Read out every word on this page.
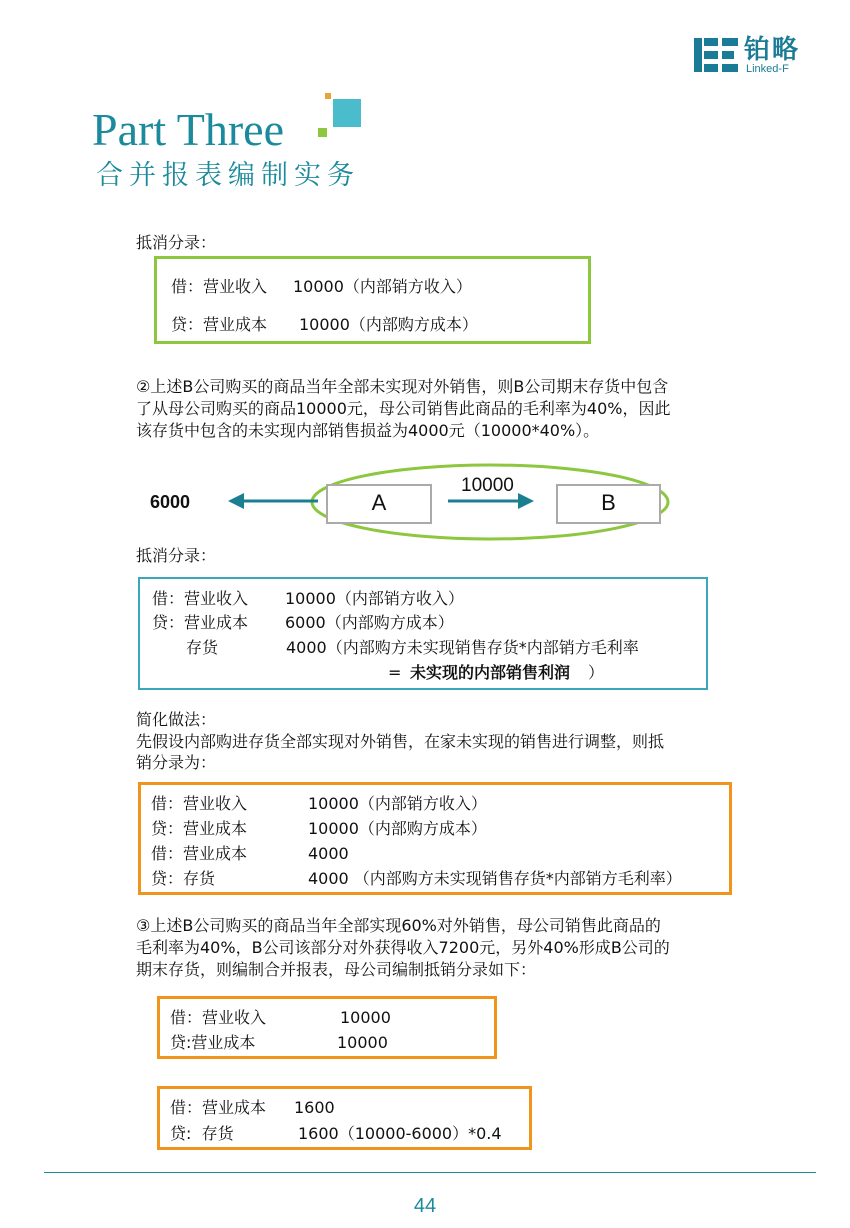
铂略
Linked-F
Part Three
合并报表编制实务
抵消分录：
借：营业收入 10000（内部销方收入）
贷：营业成本 10000（内部购方成本）
②上述B公司购买的商品当年全部未实现对外销售，则B公司期末存货中包含
了从母公司购买的商品10000元，母公司销售此商品的毛利率为40%，因此
该存货中包含的未实现内部销售损益为4000元（10000*40%）。
6000
10000
A	B
抵消分录：
借：营业收入 10000（内部销方收入）
贷：营业成本 6000（内部购方成本）
存货	4000（内部购方未实现销售存货*内部销方毛利率
= 未实现的内部销售利润 ）
简化做法：
先假设内部购进存货全部实现对外销售，在家未实现的销售进行调整，则抵
销分录为：
借：营业收入	10000（内部销方收入）
贷：营业成本	10000（内部购方成本）
借：营业成本	4000
贷：存货	4000 （内部购方未实现销售存货*内部销方毛利率）
③上述B公司购买的商品当年全部实现60%对外销售，母公司销售此商品的
毛利率为40%，B公司该部分对外获得收入7200元，另外40%形成B公司的
期末存货，则编制合并报表，母公司编制抵销分录如下：
借：营业收入	10000
贷:营业成本	10000
借：营业成本 1600
贷:  存货	1600（10000-6000）*0.4
44
